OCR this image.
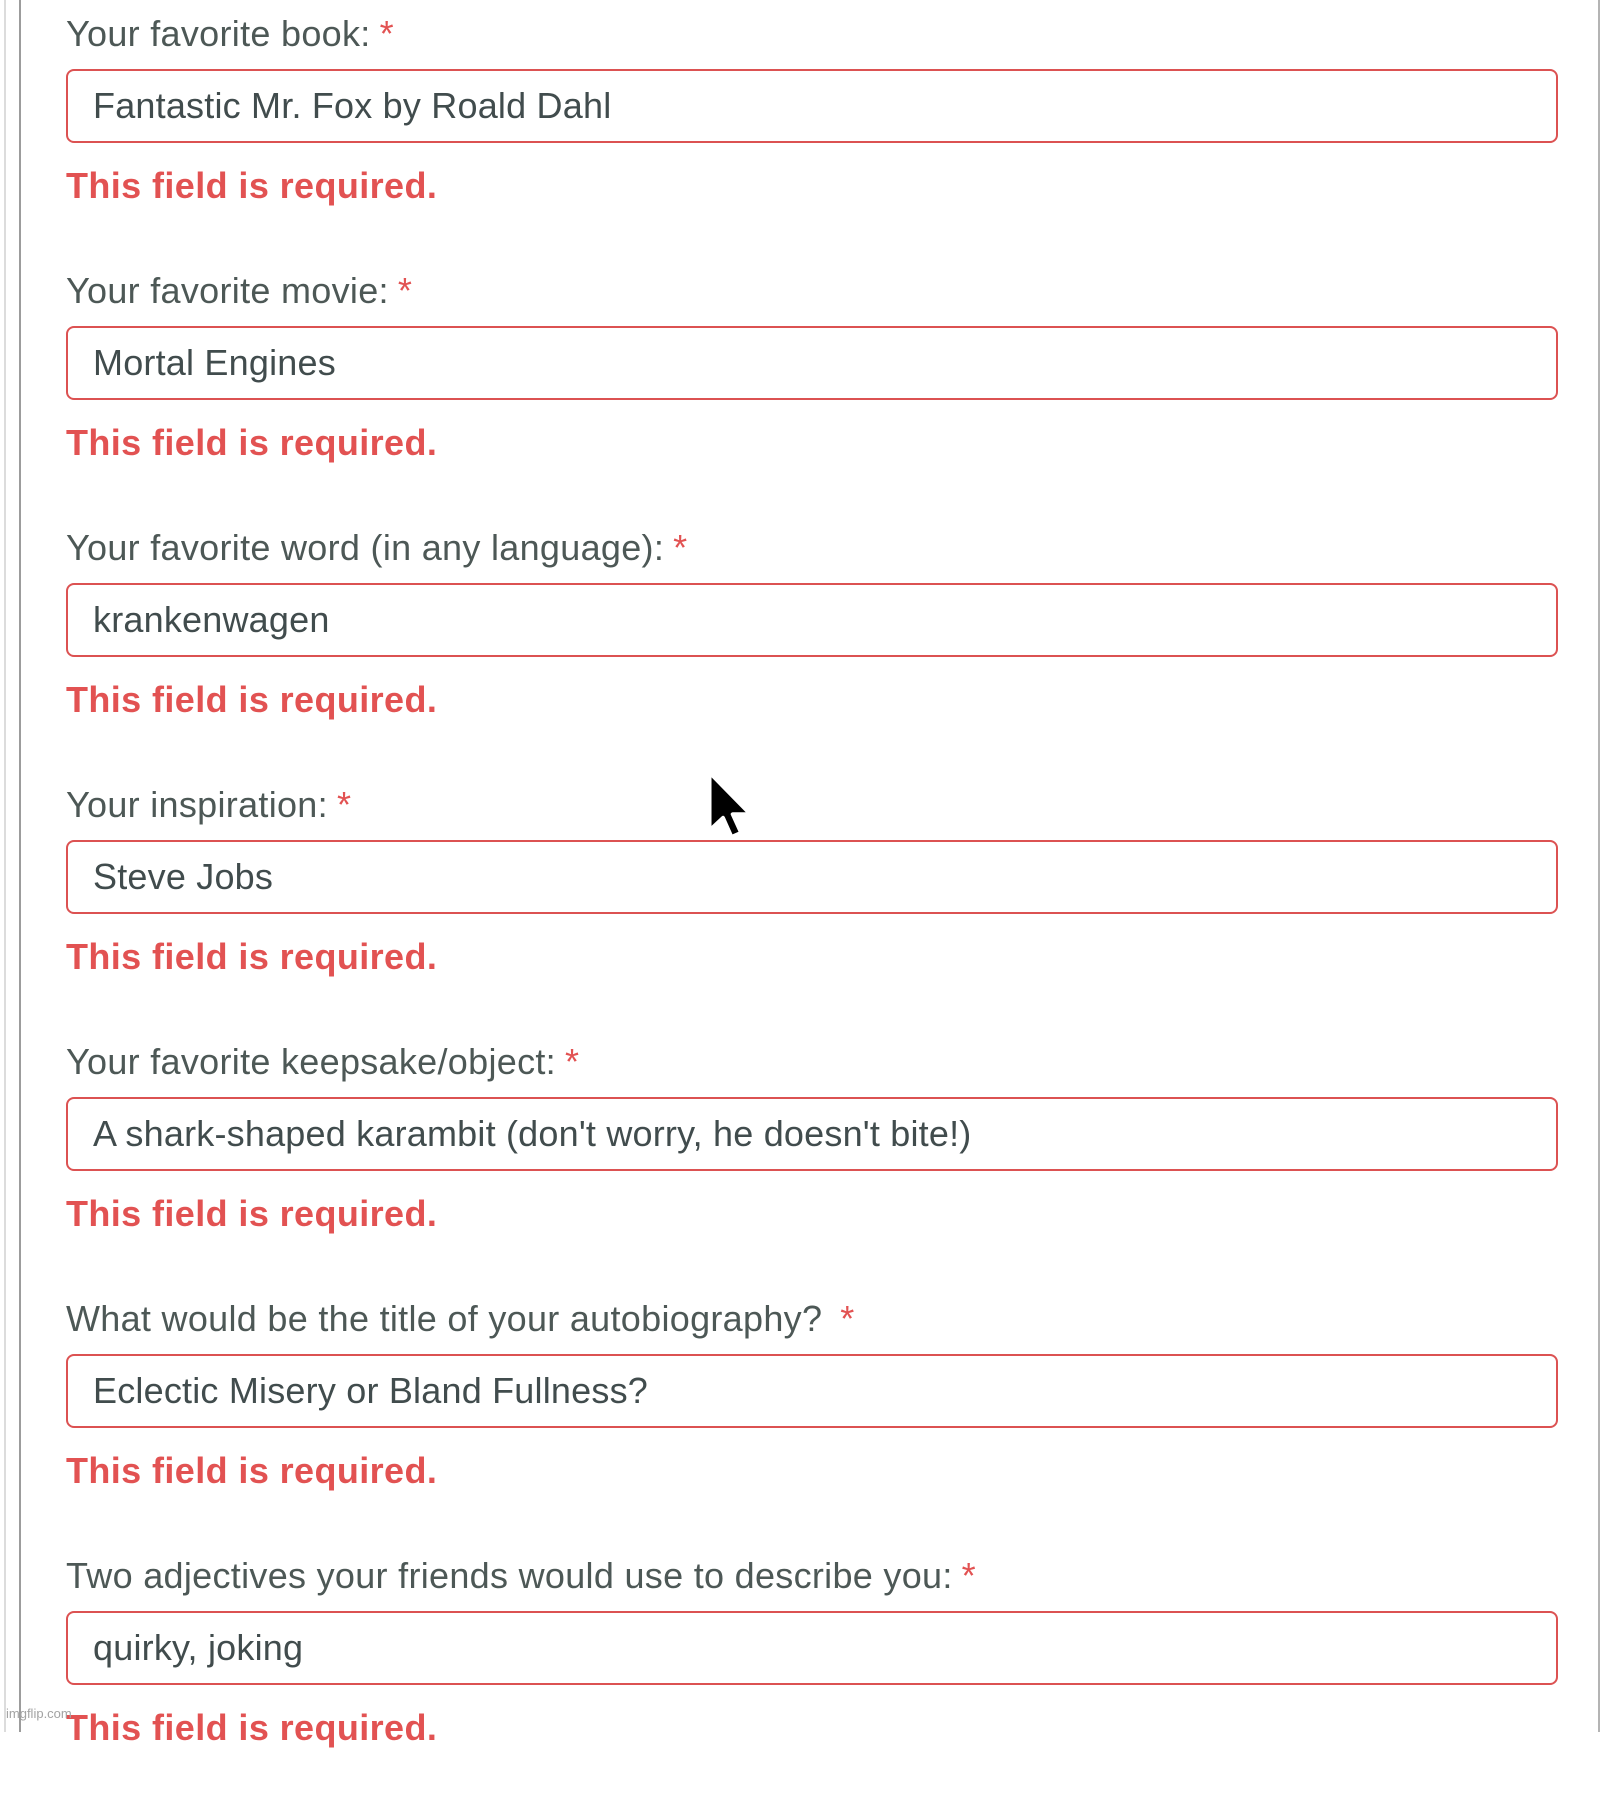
Your favorite book: *
Fantastic Mr. Fox by Roald Dahl
This field is required.
Your favorite movie: *
Mortal Engines
This field is required.
Your favorite word (in any language): *
krankenwagen
This field is required.
Your inspiration: *
Steve Jobs
This field is required.
Your favorite keepsake/object: *
A shark-shaped karambit (don't worry, he doesn't bite!)
This field is required.
What would be the title of your autobiography? *
Eclectic Misery or Bland Fullness?
This field is required.
Two adjectives your friends would use to describe you: *
quirky, joking
This field is required.
imgflip.com
